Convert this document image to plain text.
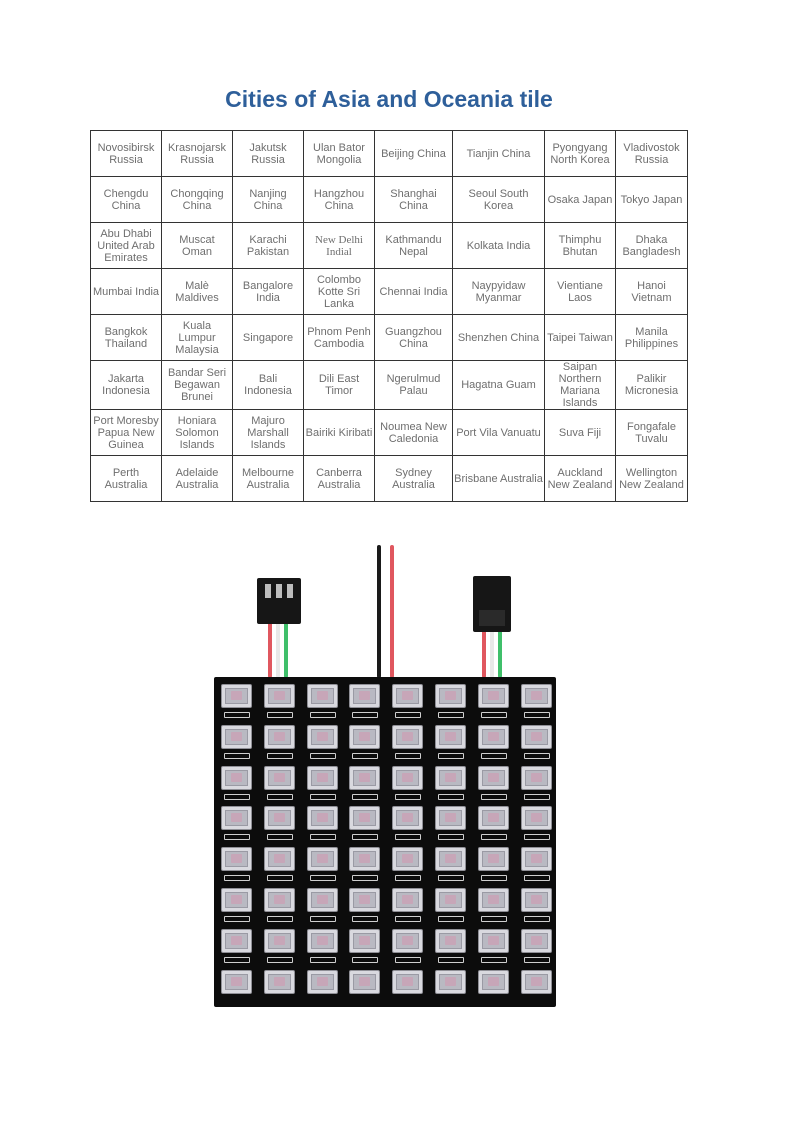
Cities of Asia and Oceania tile
Novosibirsk Russia	Krasnojarsk Russia	Jakutsk Russia	Ulan Bator Mongolia	Beijing China	Tianjin China	Pyongyang North Korea	Vladivostok Russia
Chengdu China	Chongqing China	Nanjing China	Hangzhou China	Shanghai China	Seoul South Korea	Osaka Japan	Tokyo Japan
Abu Dhabi United Arab Emirates	Muscat Oman	Karachi Pakistan	New Delhi Indial	Kathmandu Nepal	Kolkata India	Thimphu Bhutan	Dhaka Bangladesh
Mumbai India	Malè Maldives	Bangalore India	Colombo Kotte Sri Lanka	Chennai India	Naypyidaw Myanmar	Vientiane Laos	Hanoi Vietnam
Bangkok Thailand	Kuala Lumpur Malaysia	Singapore	Phnom Penh Cambodia	Guangzhou China	Shenzhen China	Taipei Taiwan	Manila Philippines
Jakarta Indonesia	Bandar Seri Begawan Brunei	Bali Indonesia	Dili East Timor	Ngerulmud Palau	Hagatna Guam	Saipan Northern Mariana Islands	Palikir Micronesia
Port Moresby Papua New Guinea	Honiara Solomon Islands	Majuro Marshall Islands	Bairiki Kiribati	Noumea New Caledonia	Port Vila Vanuatu	Suva Fiji	Fongafale Tuvalu
Perth Australia	Adelaide Australia	Melbourne Australia	Canberra Australia	Sydney Australia	Brisbane Australia	Auckland New Zealand	Wellington New Zealand
